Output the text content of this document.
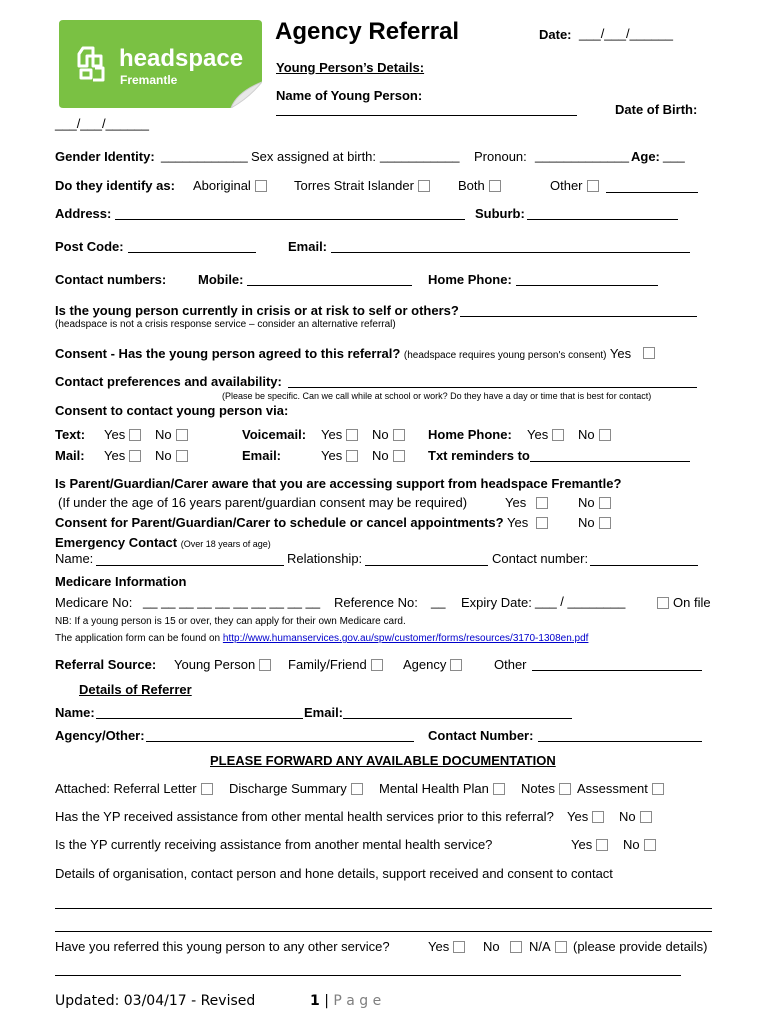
headspace
Fremantle
Agency Referral	Date: ___/___/______
Young Person’s Details:
Name of Young Person:
Date of Birth:
___/___/______
Gender Identity: ____________ Sex assigned at birth: ___________ Pronoun: _____________ Age: ___
Do they identify as: Aboriginal	Torres Strait Islander	Both	Other
Address:	Suburb:
Post Code:	Email:
Contact numbers: Mobile:	Home Phone:
Is the young person currently in crisis or at risk to self or others?
(headspace is not a crisis response service – consider an alternative referral)
Consent - Has the young person agreed to this referral? (headspace requires young person's consent) Yes
Contact preferences and availability:
(Please be specific. Can we call while at school or work? Do they have a day or time that is best for contact)
Consent to contact young person via:
Text: Yes	No	Voicemail: Yes	No	Home Phone: Yes	No
Mail: Yes	No	Email:	Yes	No	Txt reminders to
Is Parent/Guardian/Carer aware that you are accessing support from headspace Fremantle?
(If under the age of 16 years parent/guardian consent may be required)	Yes	No
Consent for Parent/Guardian/Carer to schedule or cancel appointments? Yes	No
Emergency Contact (Over 18 years of age)
Name:	Relationship:	Contact number:
Medicare Information
Medicare No: __ __ __ __ __ __ __ __ __ __ Reference No: __ Expiry Date: ___ / ________	On file
NB: If a young person is 15 or over, they can apply for their own Medicare card.
The application form can be found on http://www.humanservices.gov.au/spw/customer/forms/resources/3170-1308en.pdf
Referral Source: Young Person	Family/Friend	Agency	Other
Details of Referrer
Name:	Email:
Agency/Other:	Contact Number:
PLEASE FORWARD ANY AVAILABLE DOCUMENTATION
Attached: Referral Letter	Discharge Summary	Mental Health Plan	Notes	Assessment
Has the YP received assistance from other mental health services prior to this referral? Yes	No
Is the YP currently receiving assistance from another mental health service?	Yes	No
Details of organisation, contact person and hone details, support received and consent to contact
Have you referred this young person to any other service?	Yes	No	N/A	(please provide details)
Updated: 03/04/17 - Revised	1 | P a g e
